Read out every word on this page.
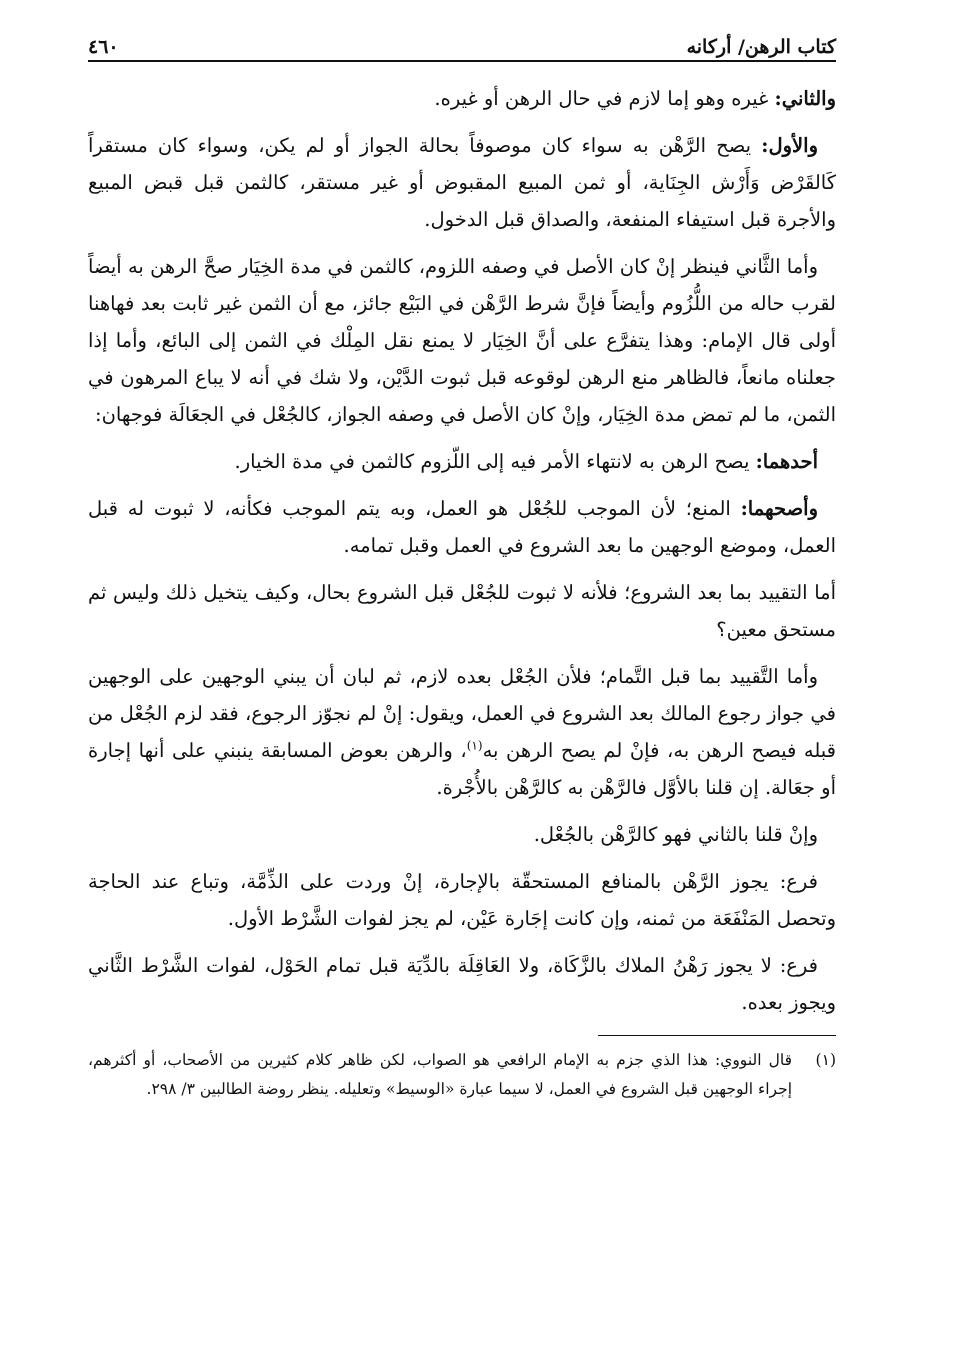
كتاب الرهن/ أركانه
٤٦٠

والثاني: غيره وهو إما لازم في حال الرهن أو غيره.

والأول: يصح الرَّهْن به سواء كان موصوفاً بحالة الجواز أو لم يكن، وسواء كان مستقراً كَالقَرْض وَأَرْش الجِنَاية، أو ثمن المبيع المقبوض أو غير مستقر، كالثمن قبل قبض المبيع والأجرة قبل استيفاء المنفعة، والصداق قبل الدخول.

وأما الثَّاني فينظر إنْ كان الأصل في وصفه اللزوم، كالثمن في مدة الخِيَار صحَّ الرهن به أيضاً لقرب حاله من اللُّزُوم وأيضاً فإنَّ شرط الرَّهْن في البَيْع جائز، مع أن الثمن غير ثابت بعد فهاهنا أولى قال الإمام: وهذا يتفرَّع على أنَّ الخِيَار لا يمنع نقل المِلْك في الثمن إلى البائع، وأما إذا جعلناه مانعاً، فالظاهر منع الرهن لوقوعه قبل ثبوت الدَّيْن، ولا شك في أنه لا يباع المرهون في الثمن، ما لم تمض مدة الخِيَار، وإنْ كان الأصل في وصفه الجواز، كالجُعْل في الجعَالَة فوجهان:

أحدهما: يصح الرهن به لانتهاء الأمر فيه إلى اللّزوم كالثمن في مدة الخيار.

وأصحهما: المنع؛ لأن الموجب للجُعْل هو العمل، وبه يتم الموجب فكأنه، لا ثبوت له قبل العمل، وموضع الوجهين ما بعد الشروع في العمل وقبل تمامه.

أما التقييد بما بعد الشروع؛ فلأنه لا ثبوت للجُعْل قبل الشروع بحال، وكيف يتخيل ذلك وليس ثم مستحق معين؟

وأما التَّقييد بما قبل التَّمام؛ فلأن الجُعْل بعده لازم، ثم لبان أن يبني الوجهين على الوجهين في جواز رجوع المالك بعد الشروع في العمل، ويقول: إنْ لم نجوّز الرجوع، فقد لزم الجُعْل من قبله فيصح الرهن به، فإنْ لم يصح الرهن به$^{(١)}$، والرهن بعوض المسابقة ينبني على أنها إجارة أو جعَالة. إن قلنا بالأوَّل فالرَّهْن به كالرَّهْن بالأُجْرة.

وإنْ قلنا بالثاني فهو كالرَّهْن بالجُعْل.

فرع: يجوز الرَّهْن بالمنافع المستحقّة بالإجارة، إنْ وردت على الذِّمَّة، وتباع عند الحاجة وتحصل المَنْفَعَة من ثمنه، وإن كانت إجَارة عَيْن، لم يجز لفوات الشَّرْط الأول.

فرع: لا يجوز رَهْنُ الملاك بالزَّكَاة، ولا العَاقِلَة بالدِّيَة قبل تمام الحَوْل، لفوات الشَّرْط الثَّاني ويجوز بعده.

(١)
قال النووي: هذا الذي جزم به الإمام الرافعي هو الصواب، لكن ظاهر كلام كثيرين من الأصحاب، أو أكثرهم، إجراء الوجهين قبل الشروع في العمل، لا سيما عبارة «الوسيط» وتعليله. ينظر روضة الطالبين ٣/ ٢٩٨.
